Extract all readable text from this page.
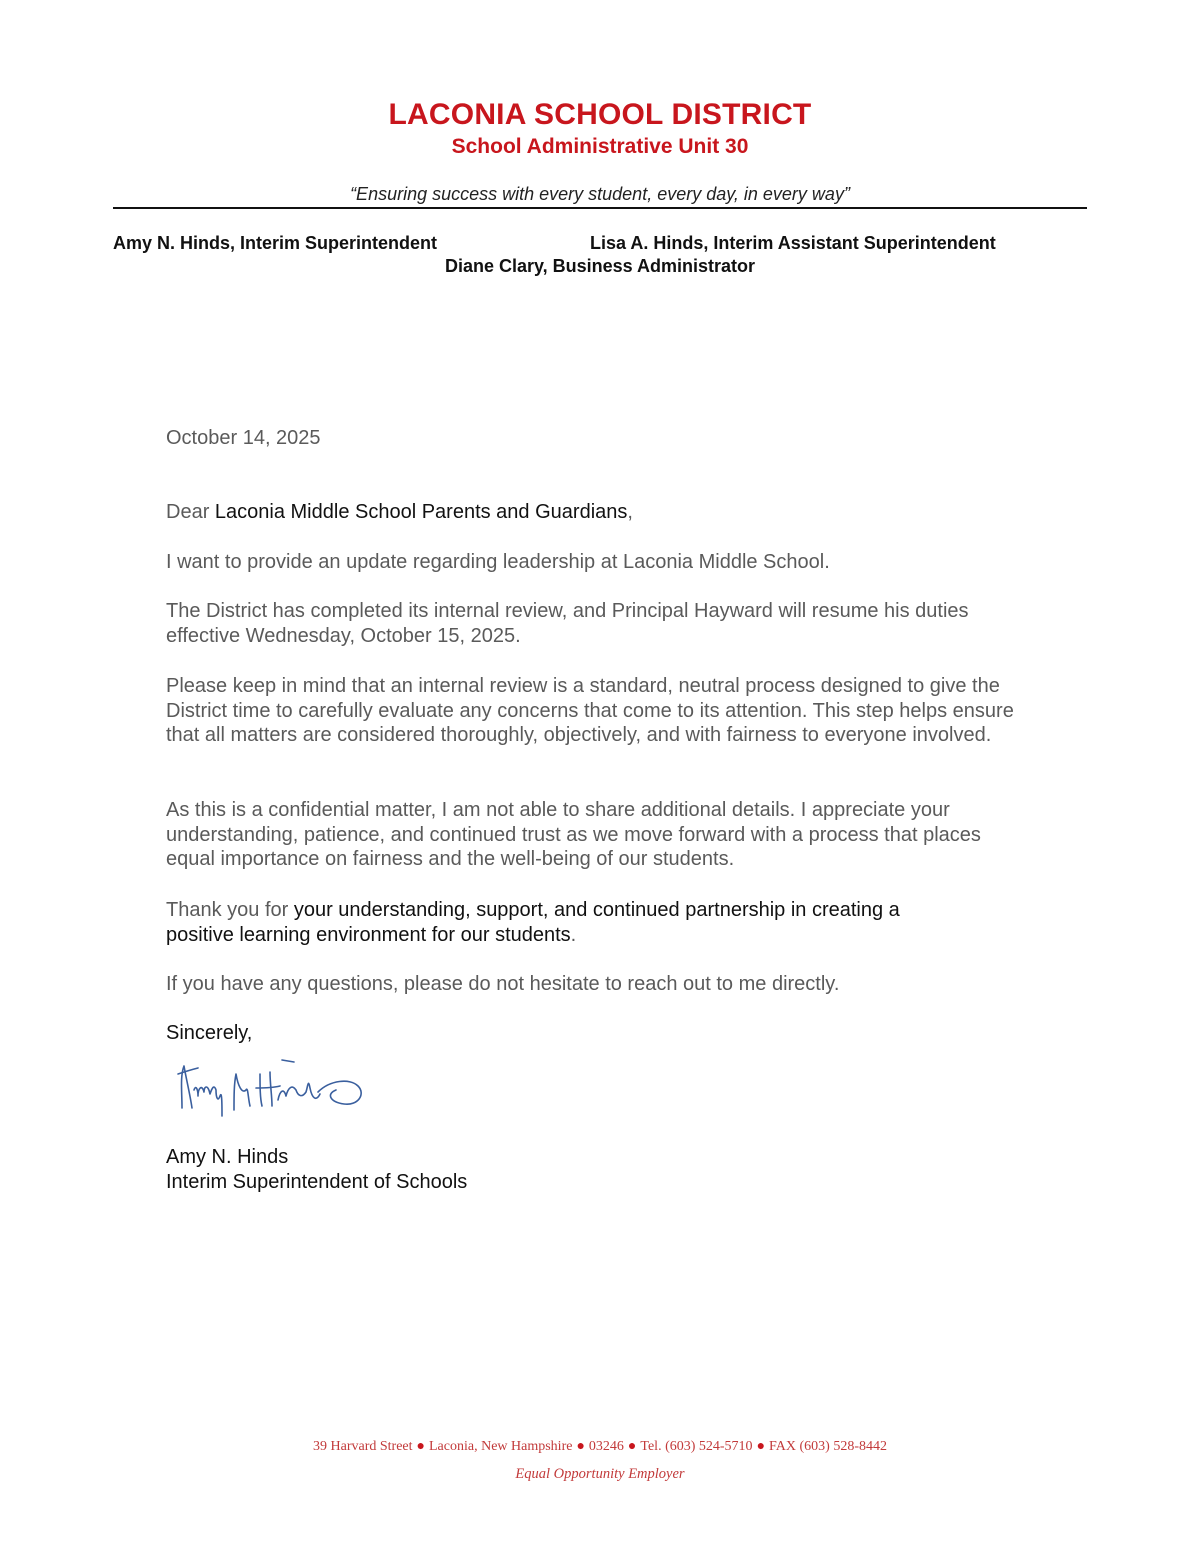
LACONIA SCHOOL DISTRICT
School Administrative Unit 30
“Ensuring success with every student, every day, in every way”
Amy N. Hinds, Interim Superintendent	Lisa A. Hinds, Interim Assistant Superintendent
Diane Clary, Business Administrator
October 14, 2025
Dear Laconia Middle School Parents and Guardians,
I want to provide an update regarding leadership at Laconia Middle School.
The District has completed its internal review, and Principal Hayward will resume his duties effective Wednesday, October 15, 2025.
Please keep in mind that an internal review is a standard, neutral process designed to give the District time to carefully evaluate any concerns that come to its attention. This step helps ensure that all matters are considered thoroughly, objectively, and with fairness to everyone involved.
As this is a confidential matter, I am not able to share additional details. I appreciate your understanding, patience, and continued trust as we move forward with a process that places equal importance on fairness and the well-being of our students.
Thank you for your understanding, support, and continued partnership in creating a positive learning environment for our students.
If you have any questions, please do not hesitate to reach out to me directly.
Sincerely,
Amy N. Hinds
Interim Superintendent of Schools
39 Harvard Street ● Laconia, New Hampshire ● 03246 ● Tel. (603) 524-5710 ● FAX (603) 528-8442
Equal Opportunity Employer
